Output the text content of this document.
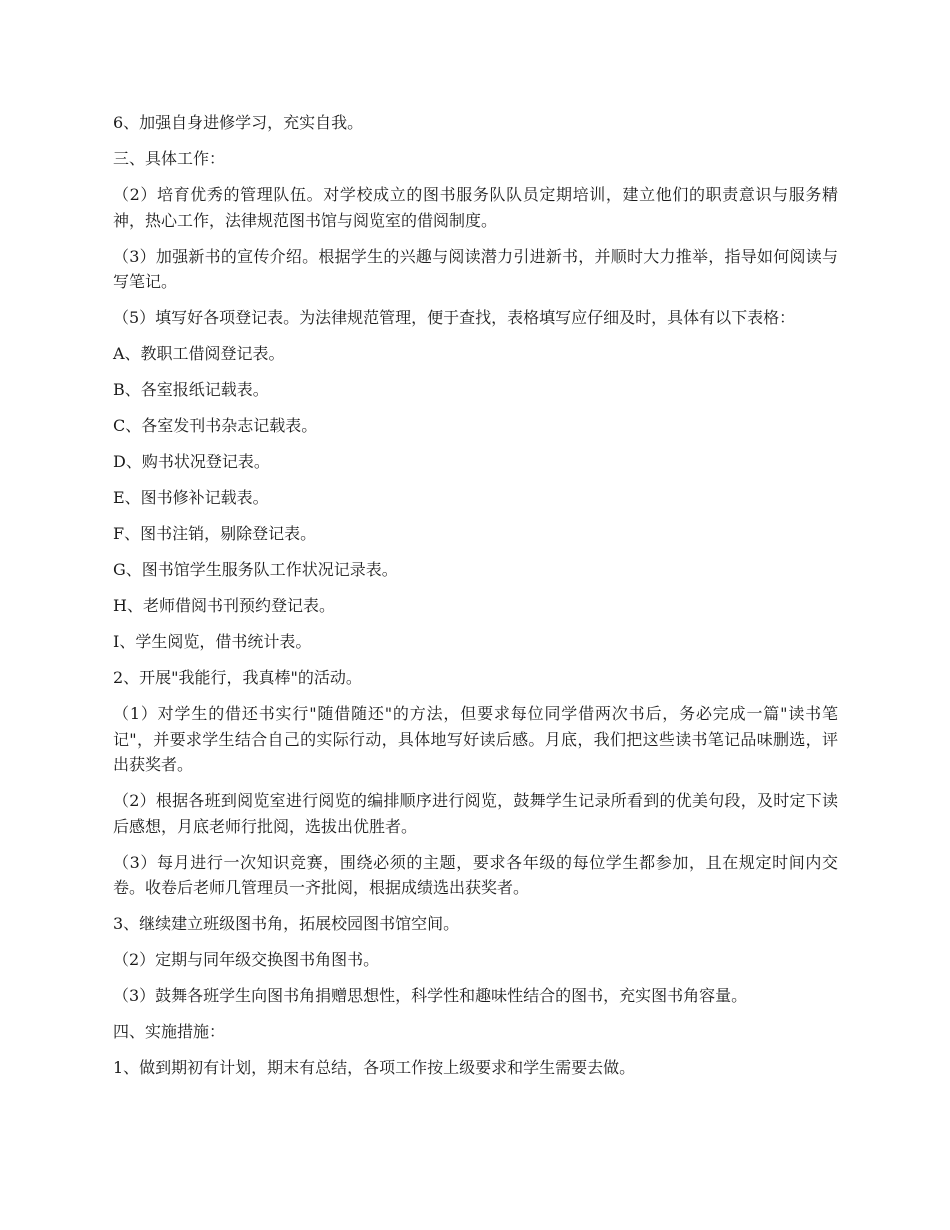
6、加强自身进修学习，充实自我。

三、具体工作：

（2）培育优秀的管理队伍。对学校成立的图书服务队队员定期培训，建立他们的职责意识与服务精神，热心工作，法律规范图书馆与阅览室的借阅制度。

（3）加强新书的宣传介绍。根据学生的兴趣与阅读潜力引进新书，并顺时大力推举，指导如何阅读与写笔记。

（5）填写好各项登记表。为法律规范管理，便于查找，表格填写应仔细及时，具体有以下表格：

A、教职工借阅登记表。

B、各室报纸记载表。

C、各室发刊书杂志记载表。

D、购书状况登记表。

E、图书修补记载表。

F、图书注销，剔除登记表。

G、图书馆学生服务队工作状况记录表。

H、老师借阅书刊预约登记表。

I、学生阅览，借书统计表。

2、开展"我能行，我真棒"的活动。

（1）对学生的借还书实行"随借随还"的方法，但要求每位同学借两次书后，务必完成一篇"读书笔记"，并要求学生结合自己的实际行动，具体地写好读后感。月底，我们把这些读书笔记品味删选，评出获奖者。

（2）根据各班到阅览室进行阅览的编排顺序进行阅览，鼓舞学生记录所看到的优美句段，及时定下读后感想，月底老师行批阅，选拔出优胜者。

（3）每月进行一次知识竞赛，围绕必须的主题，要求各年级的每位学生都参加，且在规定时间内交卷。收卷后老师几管理员一齐批阅，根据成绩选出获奖者。

3、继续建立班级图书角，拓展校园图书馆空间。

（2）定期与同年级交换图书角图书。

（3）鼓舞各班学生向图书角捐赠思想性，科学性和趣味性结合的图书，充实图书角容量。

四、实施措施：

1、做到期初有计划，期末有总结，各项工作按上级要求和学生需要去做。
